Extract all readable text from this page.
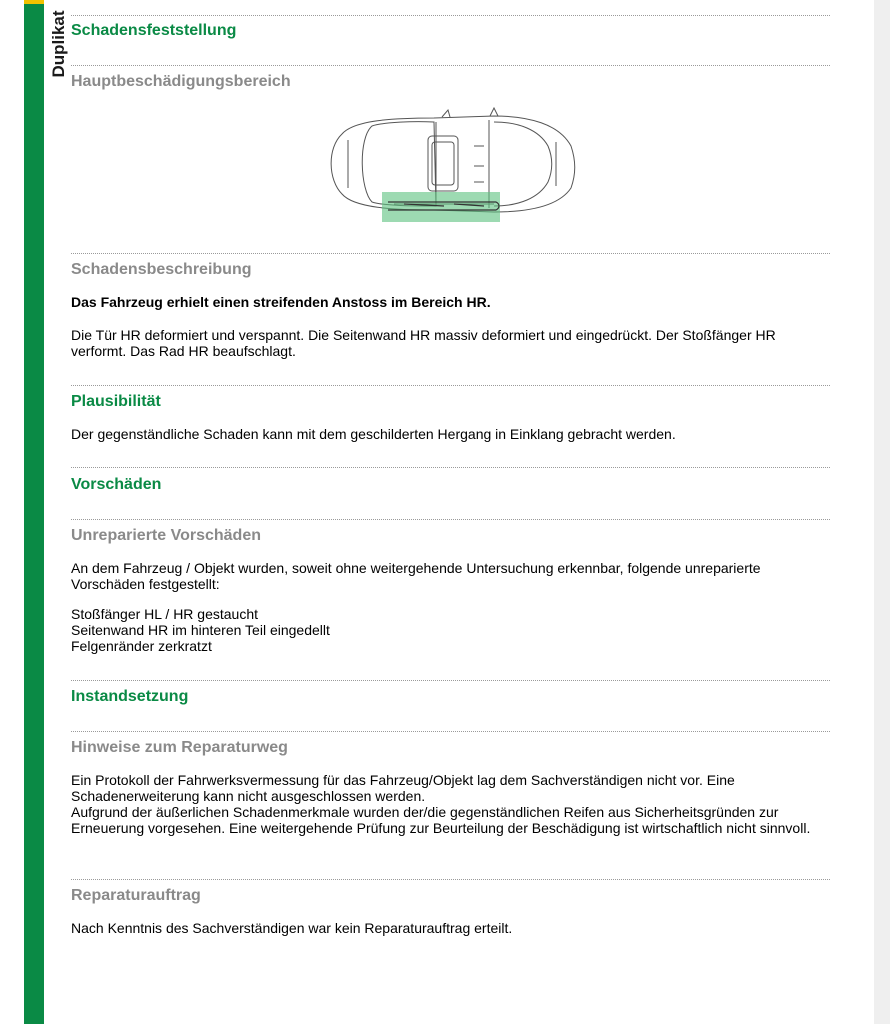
Duplikat Schadensfeststellung
Hauptbeschädigungsbereich
Schadensbeschreibung
Das Fahrzeug erhielt einen streifenden Anstoss im Bereich HR.
Die Tür HR deformiert und verspannt. Die Seitenwand HR massiv deformiert und eingedrückt. Der Stoßfänger HR verformt. Das Rad HR beaufschlagt.
Plausibilität
Der gegenständliche Schaden kann mit dem geschilderten Hergang in Einklang gebracht werden.
Vorschäden
Unreparierte Vorschäden
An dem Fahrzeug / Objekt wurden, soweit ohne weitergehende Untersuchung erkennbar, folgende unreparierte Vorschäden festgestellt:
Stoßfänger HL / HR gestaucht
Seitenwand HR im hinteren Teil eingedellt
Felgenränder zerkratzt
Instandsetzung
Hinweise zum Reparaturweg
Ein Protokoll der Fahrwerksvermessung für das Fahrzeug/Objekt lag dem Sachverständigen nicht vor. Eine Schadenerweiterung kann nicht ausgeschlossen werden.
Aufgrund der äußerlichen Schadenmerkmale wurden der/die gegenständlichen Reifen aus Sicherheitsgründen zur Erneuerung vorgesehen. Eine weitergehende Prüfung zur Beurteilung der Beschädigung ist wirtschaftlich nicht sinnvoll.
Reparaturauftrag
Nach Kenntnis des Sachverständigen war kein Reparaturauftrag erteilt.
